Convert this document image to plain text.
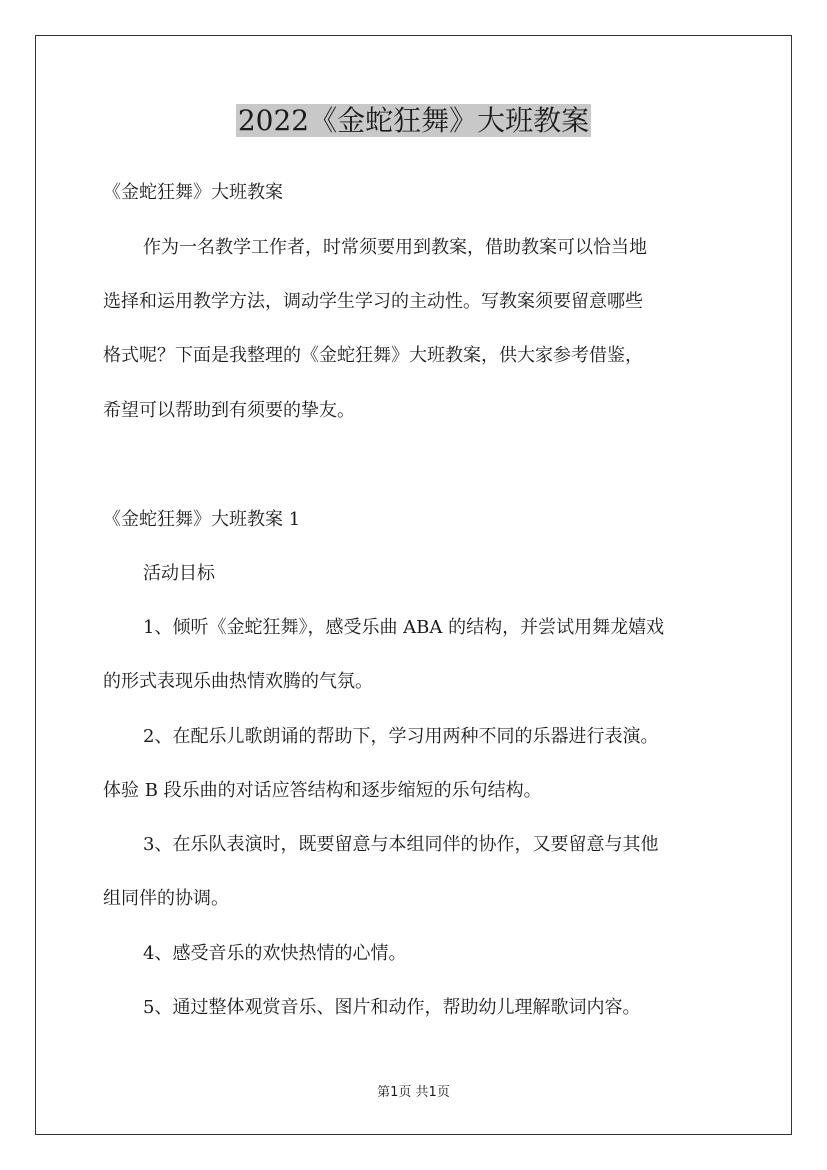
2022《金蛇狂舞》大班教案
《金蛇狂舞》大班教案
作为一名教学工作者，时常须要用到教案，借助教案可以恰当地
选择和运用教学方法，调动学生学习的主动性。写教案须要留意哪些
格式呢？下面是我整理的《金蛇狂舞》大班教案，供大家参考借鉴，
希望可以帮助到有须要的挚友。
《金蛇狂舞》大班教案 1
活动目标
1、倾听《金蛇狂舞》，感受乐曲 ABA 的结构，并尝试用舞龙嬉戏
的形式表现乐曲热情欢腾的气氛。
2、在配乐儿歌朗诵的帮助下，学习用两种不同的乐器进行表演。
体验 B 段乐曲的对话应答结构和逐步缩短的乐句结构。
3、在乐队表演时，既要留意与本组同伴的协作，又要留意与其他
组同伴的协调。
4、感受音乐的欢快热情的心情。
5、通过整体观赏音乐、图片和动作，帮助幼儿理解歌词内容。
第1页 共1页
